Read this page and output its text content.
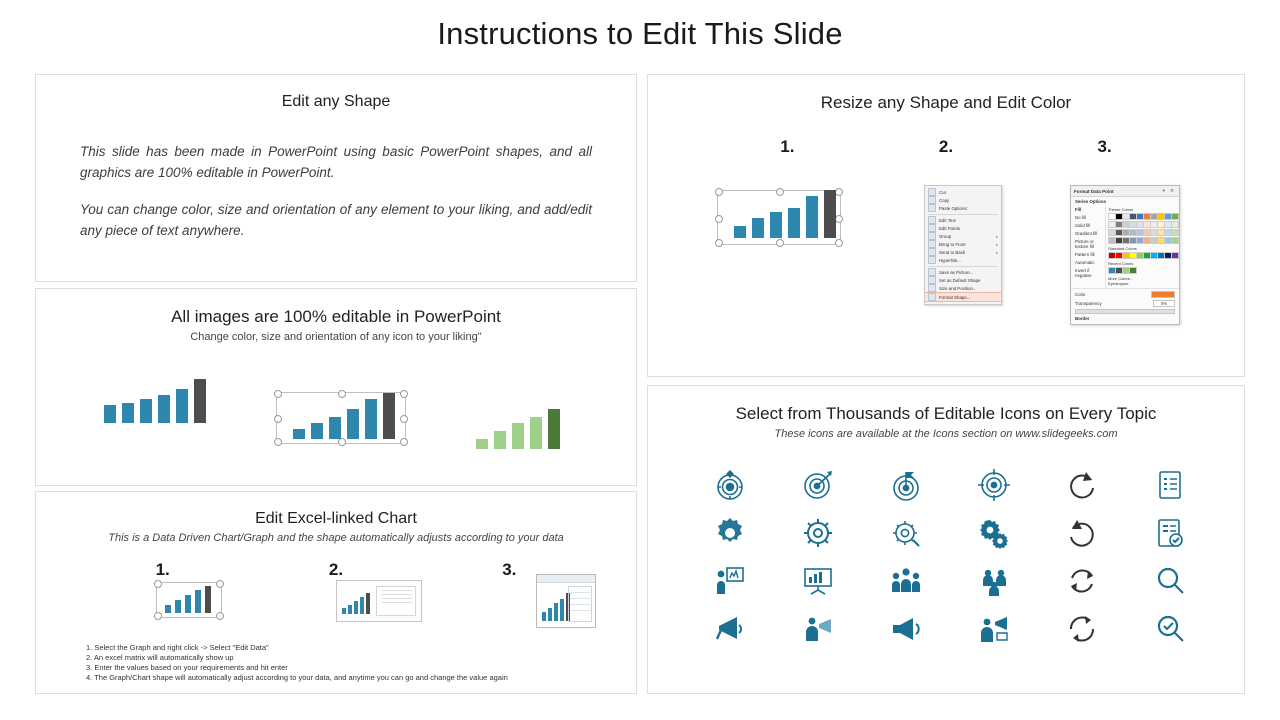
Instructions to Edit This Slide
Edit any Shape
This slide has been made in PowerPoint using basic PowerPoint shapes, and all graphics are 100% editable in PowerPoint.
You can change color, size and orientation of any element to your liking, and add/edit any piece of text anywhere.
All images are 100% editable in PowerPoint
Change color, size and orientation of any icon to your liking"
Edit Excel-linked Chart
This is a Data Driven Chart/Graph and the shape automatically adjusts according to your data
1.	2.	3.
1. Select the Graph and right click -> Select "Edit Data"
2. An excel matrix will automatically show up
3. Enter the values based on your requirements and hit enter
4. The Graph/Chart shape will automatically adjust according to your data, and anytime you can go and change the value again
Resize any Shape and Edit Color
1.	2.	3.
Cut
Copy
Paste Options:
Edit Text
Edit Points
Group	▸
Bring to Front	▸
Send to Back	▸
Hyperlink...
Save as Picture...
Set as Default Shape
Size and Position...
Format Shape...
Format Data Point	▾ ✕
Series Options
Fill
No fill
Solid fill
Gradient fill
Picture or texture fill
Pattern fill
Automatic
Invert if negative
Theme Colors
Standard Colors
Recent Colors
More Colors...
Eyedropper
Color
Transparency	0%
Border
Select from Thousands of Editable Icons on Every Topic
These icons are available at the Icons section on www.slidegeeks.com
